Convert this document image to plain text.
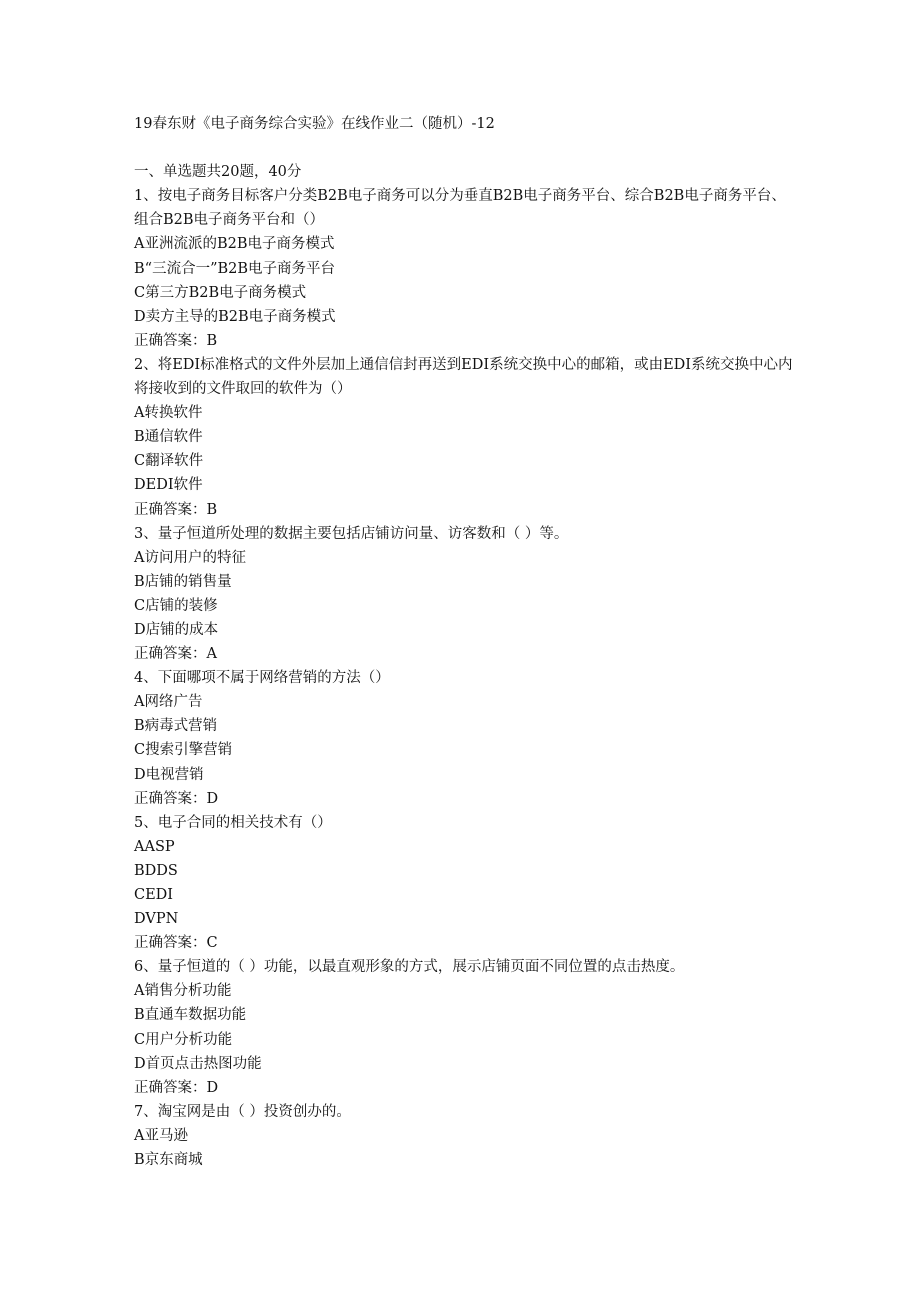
19春东财《电子商务综合实验》在线作业二（随机）-12
一、单选题共20题，40分

1、按电子商务目标客户分类B2B电子商务可以分为垂直B2B电子商务平台、综合B2B电子商务平台、组合B2B电子商务平台和（）

A亚洲流派的B2B电子商务模式

B“三流合一”B2B电子商务平台

C第三方B2B电子商务模式

D卖方主导的B2B电子商务模式

正确答案：B

2、将EDI标准格式的文件外层加上通信信封再送到EDI系统交换中心的邮箱，或由EDI系统交换中心内将接收到的文件取回的软件为（）

A转换软件

B通信软件

C翻译软件

DEDI软件

正确答案：B

3、量子恒道所处理的数据主要包括店铺访问量、访客数和（ ）等。

A访问用户的特征

B店铺的销售量

C店铺的装修

D店铺的成本

正确答案：A

4、下面哪项不属于网络营销的方法（）

A网络广告

B病毒式营销

C搜索引擎营销

D电视营销

正确答案：D

5、电子合同的相关技术有（）

AASP

BDDS

CEDI

DVPN

正确答案：C

6、量子恒道的（ ）功能，以最直观形象的方式，展示店铺页面不同位置的点击热度。

A销售分析功能

B直通车数据功能

C用户分析功能

D首页点击热图功能

正确答案：D

7、淘宝网是由（ ）投资创办的。

A亚马逊

B京东商城
